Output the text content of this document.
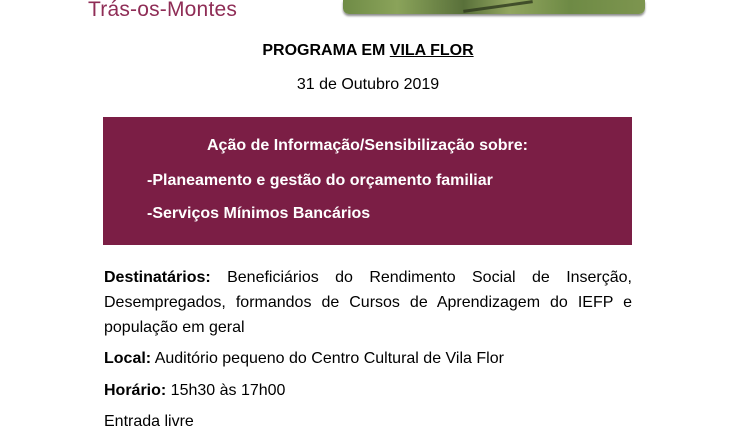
Trás-os-Montes
PROGRAMA EM VILA FLOR
31 de Outubro 2019
Ação de Informação/Sensibilização sobre:
-Planeamento e gestão do orçamento familiar
-Serviços Mínimos Bancários
Destinatários: Beneficiários do Rendimento Social de Inserção,
Desempregados, formandos de Cursos de Aprendizagem do IEFP e
população em geral
Local: Auditório pequeno do Centro Cultural de Vila Flor
Horário: 15h30 às 17h00
Entrada livre
